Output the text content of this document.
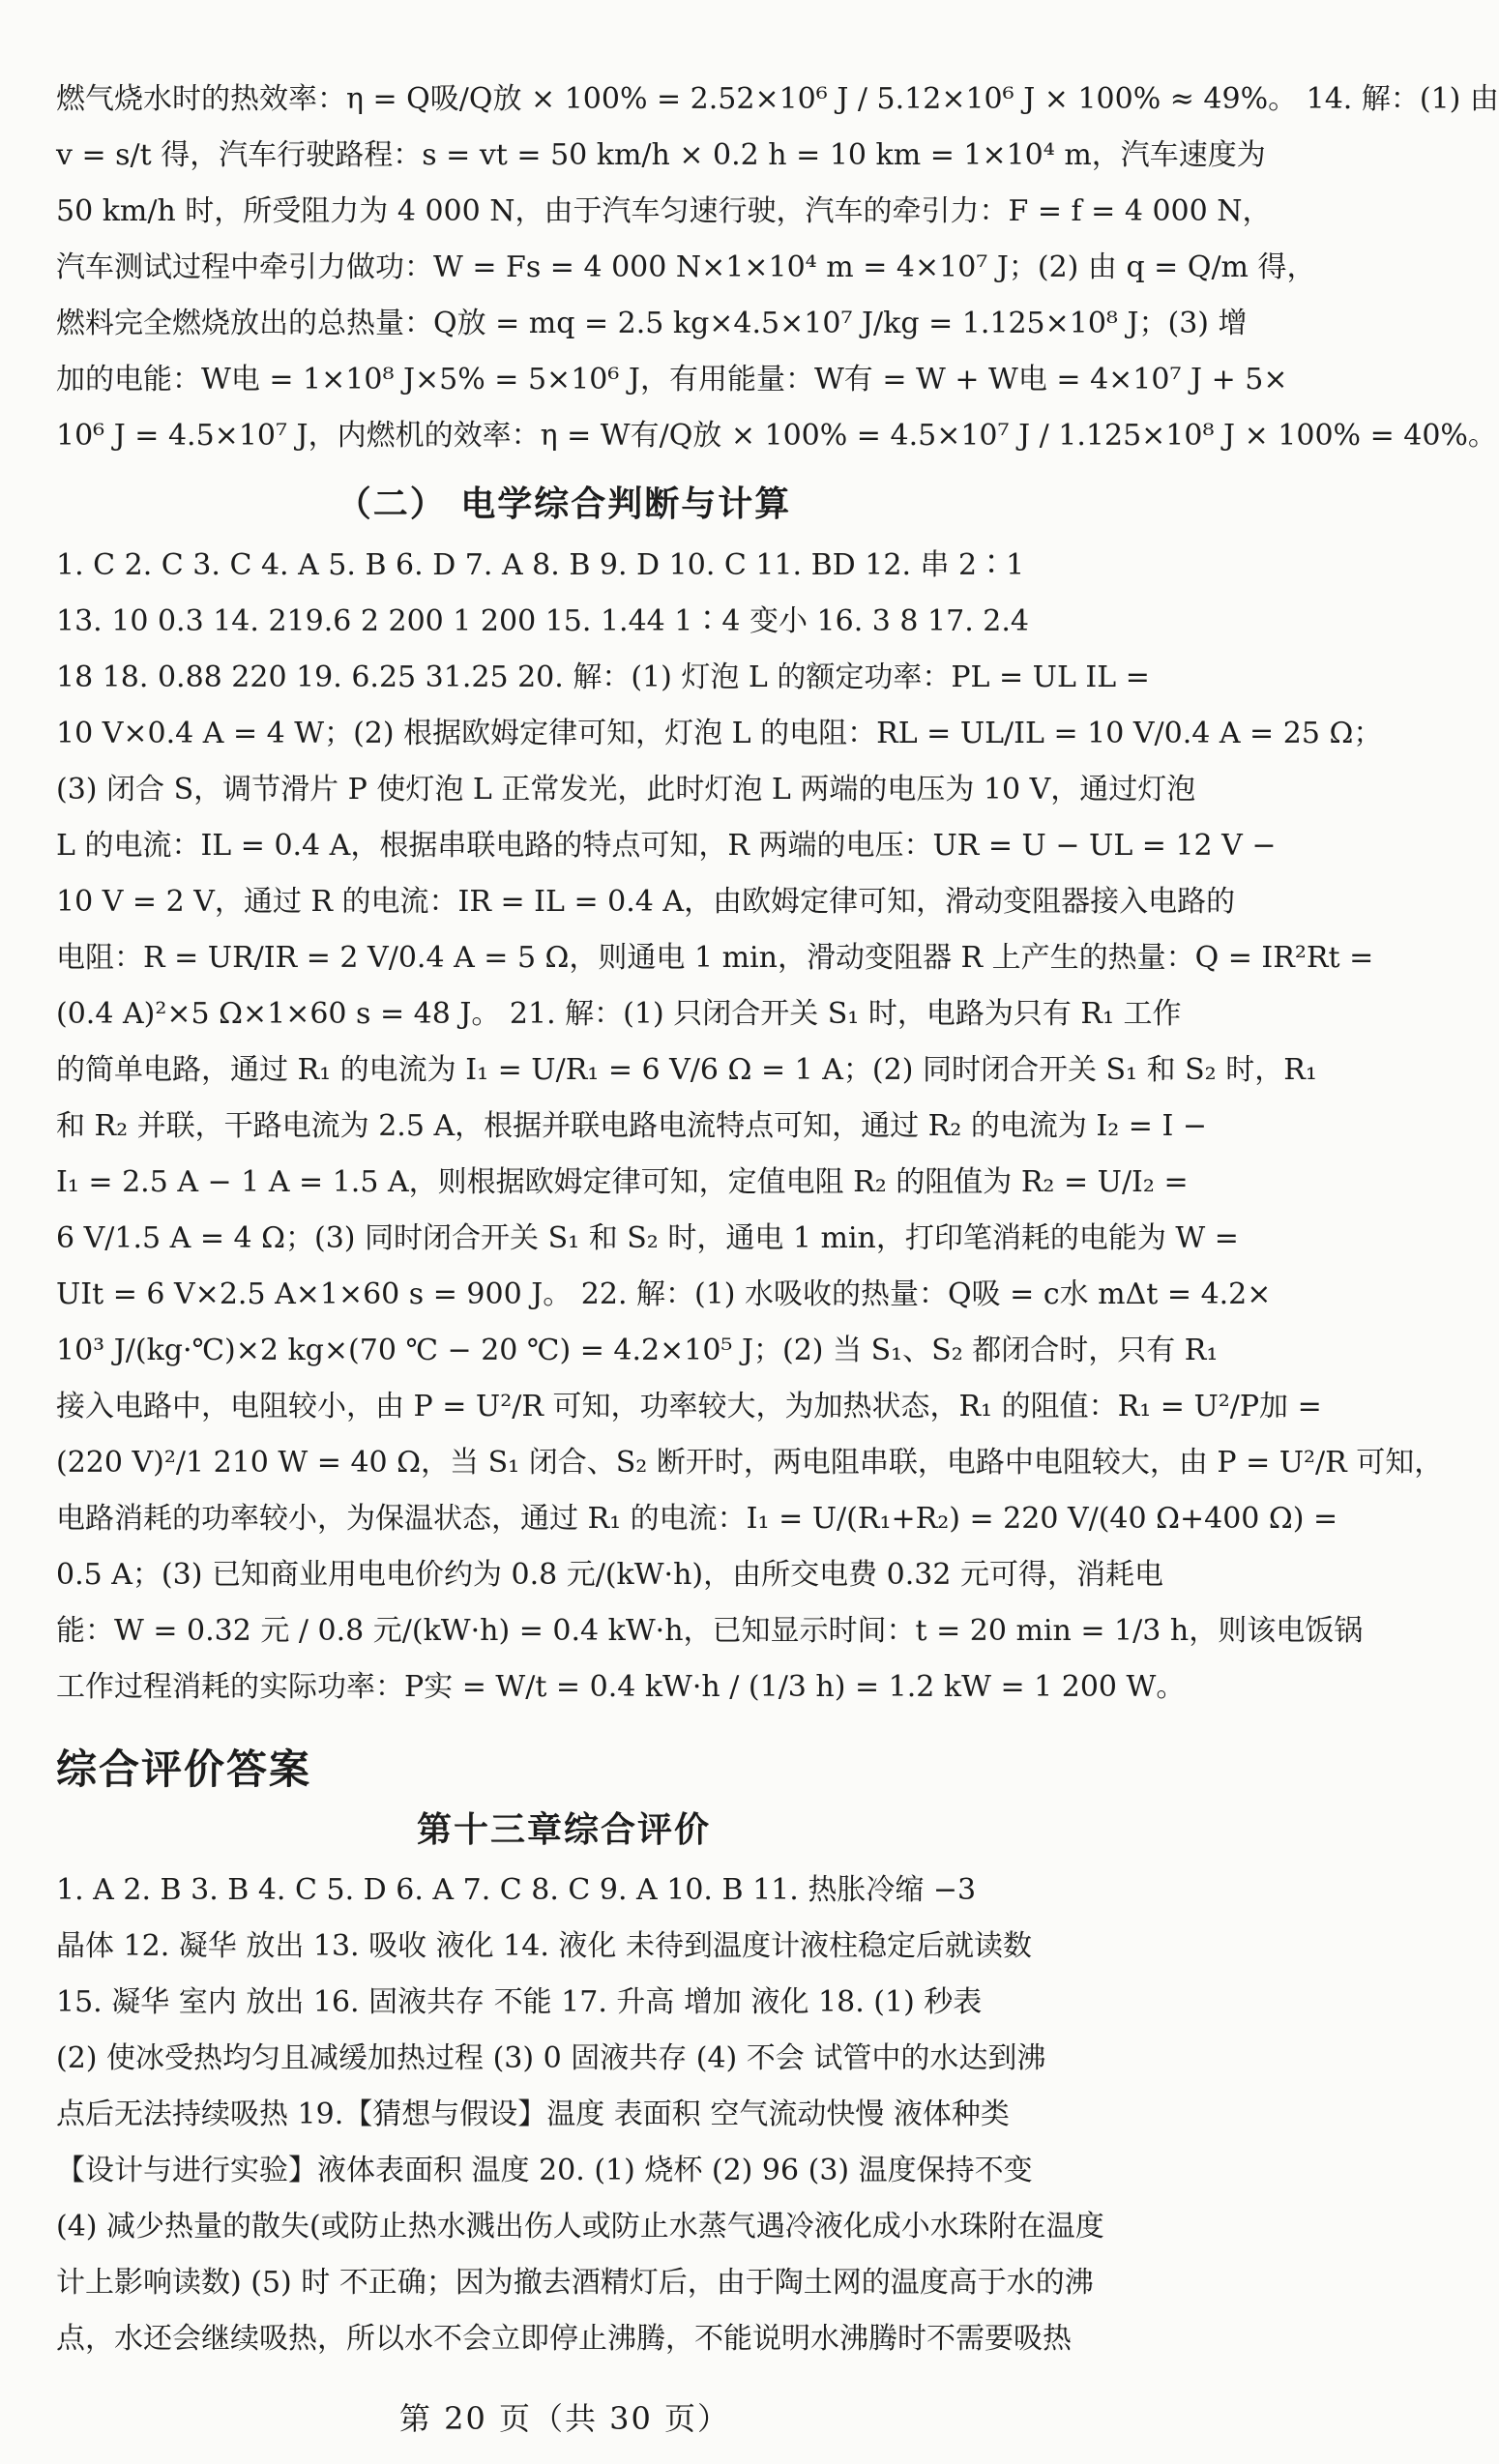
燃气烧水时的热效率：η = Q吸/Q放 × 100% = 2.52×10⁶ J / 5.12×10⁶ J × 100% ≈ 49%。 14. 解：(1) 由
v = s/t 得，汽车行驶路程：s = vt = 50 km/h × 0.2 h = 10 km = 1×10⁴ m，汽车速度为
50 km/h 时，所受阻力为 4 000 N，由于汽车匀速行驶，汽车的牵引力：F = f = 4 000 N，
汽车测试过程中牵引力做功：W = Fs = 4 000 N×1×10⁴ m = 4×10⁷ J；(2) 由 q = Q/m 得，
燃料完全燃烧放出的总热量：Q放 = mq = 2.5 kg×4.5×10⁷ J/kg = 1.125×10⁸ J；(3) 增
加的电能：W电 = 1×10⁸ J×5% = 5×10⁶ J，有用能量：W有 = W + W电 = 4×10⁷ J + 5×
10⁶ J = 4.5×10⁷ J，内燃机的效率：η = W有/Q放 × 100% = 4.5×10⁷ J / 1.125×10⁸ J × 100% = 40%。
（二） 电学综合判断与计算
1. C 2. C 3. C 4. A 5. B 6. D 7. A 8. B 9. D 10. C 11. BD 12. 串 2∶1
13. 10 0.3 14. 219.6 2 200 1 200 15. 1.44 1∶4 变小 16. 3 8 17. 2.4
18 18. 0.88 220 19. 6.25 31.25 20. 解：(1) 灯泡 L 的额定功率：PL = UL IL =
10 V×0.4 A = 4 W；(2) 根据欧姆定律可知，灯泡 L 的电阻：RL = UL/IL = 10 V/0.4 A = 25 Ω；
(3) 闭合 S，调节滑片 P 使灯泡 L 正常发光，此时灯泡 L 两端的电压为 10 V，通过灯泡
L 的电流：IL = 0.4 A，根据串联电路的特点可知，R 两端的电压：UR = U − UL = 12 V −
10 V = 2 V，通过 R 的电流：IR = IL = 0.4 A，由欧姆定律可知，滑动变阻器接入电路的
电阻：R = UR/IR = 2 V/0.4 A = 5 Ω，则通电 1 min，滑动变阻器 R 上产生的热量：Q = IR²Rt =
(0.4 A)²×5 Ω×1×60 s = 48 J。 21. 解：(1) 只闭合开关 S₁ 时，电路为只有 R₁ 工作
的简单电路，通过 R₁ 的电流为 I₁ = U/R₁ = 6 V/6 Ω = 1 A；(2) 同时闭合开关 S₁ 和 S₂ 时，R₁
和 R₂ 并联，干路电流为 2.5 A，根据并联电路电流特点可知，通过 R₂ 的电流为 I₂ = I −
I₁ = 2.5 A − 1 A = 1.5 A，则根据欧姆定律可知，定值电阻 R₂ 的阻值为 R₂ = U/I₂ =
6 V/1.5 A = 4 Ω；(3) 同时闭合开关 S₁ 和 S₂ 时，通电 1 min，打印笔消耗的电能为 W =
UIt = 6 V×2.5 A×1×60 s = 900 J。 22. 解：(1) 水吸收的热量：Q吸 = c水 mΔt = 4.2×
10³ J/(kg·℃)×2 kg×(70 ℃ − 20 ℃) = 4.2×10⁵ J；(2) 当 S₁、S₂ 都闭合时，只有 R₁
接入电路中，电阻较小，由 P = U²/R 可知，功率较大，为加热状态，R₁ 的阻值：R₁ = U²/P加 =
(220 V)²/1 210 W = 40 Ω，当 S₁ 闭合、S₂ 断开时，两电阻串联，电路中电阻较大，由 P = U²/R 可知，
电路消耗的功率较小，为保温状态，通过 R₁ 的电流：I₁ = U/(R₁+R₂) = 220 V/(40 Ω+400 Ω) =
0.5 A；(3) 已知商业用电电价约为 0.8 元/(kW·h)，由所交电费 0.32 元可得，消耗电
能：W = 0.32 元 / 0.8 元/(kW·h) = 0.4 kW·h，已知显示时间：t = 20 min = 1/3 h，则该电饭锅
工作过程消耗的实际功率：P实 = W/t = 0.4 kW·h / (1/3 h) = 1.2 kW = 1 200 W。
综合评价答案
第十三章综合评价
1. A 2. B 3. B 4. C 5. D 6. A 7. C 8. C 9. A 10. B 11. 热胀冷缩 −3
晶体 12. 凝华 放出 13. 吸收 液化 14. 液化 未待到温度计液柱稳定后就读数
15. 凝华 室内 放出 16. 固液共存 不能 17. 升高 增加 液化 18. (1) 秒表
(2) 使冰受热均匀且减缓加热过程 (3) 0 固液共存 (4) 不会 试管中的水达到沸
点后无法持续吸热 19.【猜想与假设】温度 表面积 空气流动快慢 液体种类
【设计与进行实验】液体表面积 温度 20. (1) 烧杯 (2) 96 (3) 温度保持不变
(4) 减少热量的散失(或防止热水溅出伤人或防止水蒸气遇冷液化成小水珠附在温度
计上影响读数) (5) 时 不正确；因为撤去酒精灯后，由于陶土网的温度高于水的沸
点，水还会继续吸热，所以水不会立即停止沸腾，不能说明水沸腾时不需要吸热
第 20 页（共 30 页）
